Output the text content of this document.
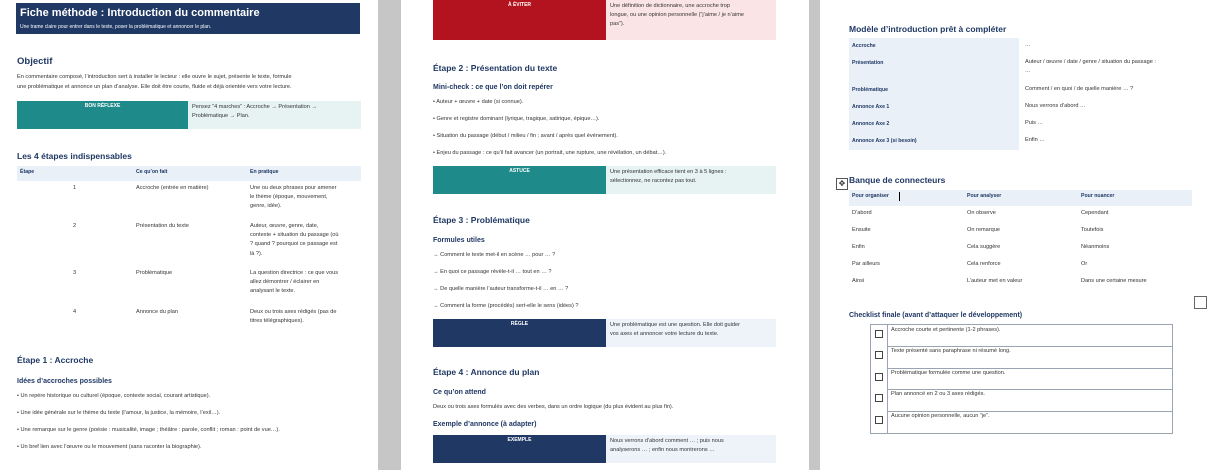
Fiche méthode : Introduction du commentaire
Une trame claire pour entrer dans le texte, poser la problématique et annoncer le plan.
Objectif
En commentaire composé, l’introduction sert à installer le lecteur : elle ouvre le sujet, présente le texte, formule
une problématique et annonce un plan d’analyse. Elle doit être courte, fluide et déjà orientée vers votre lecture.
BON RÉFLEXE	Pensez “4 marches” : Accroche → Présentation →
Problématique → Plan.
Les 4 étapes indispensables
Étape	Ce qu’on fait	En pratique
1	Accroche (entrée en matière)	Une ou deux phrases pour amener
le thème (époque, mouvement,
genre, idée).
2	Présentation du texte	Auteur, œuvre, genre, date,
contexte + situation du passage (où
? quand ? pourquoi ce passage est
là ?).
3	Problématique	La question directrice : ce que vous
allez démontrer / éclairer en
analysant le texte.
4	Annonce du plan	Deux ou trois axes rédigés (pas de
titres télégraphiques).
Étape 1 : Accroche
Idées d’accroches possibles
• Un repère historique ou culturel (époque, contexte social, courant artistique).
• Une idée générale sur le thème du texte (l’amour, la justice, la mémoire, l’exil…).
• Une remarque sur le genre (poésie : musicalité, image ; théâtre : parole, conflit ; roman : point de vue…).
• Un bref lien avec l’œuvre ou le mouvement (sans raconter la biographie).
À ÉVITER	Une définition de dictionnaire, une accroche trop
longue, ou une opinion personnelle (“j’aime / je n’aime
pas”).
Étape 2 : Présentation du texte
Mini-check : ce que l’on doit repérer
• Auteur + œuvre + date (si connue).
• Genre et registre dominant (lyrique, tragique, satirique, épique…).
• Situation du passage (début / milieu / fin ; avant / après quel événement).
• Enjeu du passage : ce qu’il fait avancer (un portrait, une rupture, une révélation, un débat…).
ASTUCE	Une présentation efficace tient en 3 à 5 lignes :
sélectionnez, ne racontez pas tout.
Étape 3 : Problématique
Formules utiles
→ Comment le texte met-il en scène … pour … ?
→ En quoi ce passage révèle-t-il … tout en … ?
→ De quelle manière l’auteur transforme-t-il … en … ?
→ Comment la forme (procédés) sert-elle le sens (idées) ?
RÈGLE	Une problématique est une question. Elle doit guider
vos axes et annoncer votre lecture du texte.
Étape 4 : Annonce du plan
Ce qu’on attend
Deux ou trois axes formulés avec des verbes, dans un ordre logique (du plus évident au plus fin).
Exemple d’annonce (à adapter)
EXEMPLE	Nous verrons d’abord comment … ; puis nous
analyserons … ; enfin nous montrerons …
Modèle d’introduction prêt à compléter
Accroche	…
Présentation	Auteur / œuvre / date / genre / situation du passage :
…
Problématique	Comment / en quoi / de quelle manière … ?
Annonce Axe 1	Nous verrons d’abord …
Annonce Axe 2	Puis …
Annonce Axe 3 (si besoin)	Enfin …
✥ Banque de connecteurs
Pour organiser	Pour analyser	Pour nuancer
D’abord	On observe	Cependant
Ensuite	On remarque	Toutefois
Enfin	Cela suggère	Néanmoins
Par ailleurs	Cela renforce	Or
Ainsi	L’auteur met en valeur	Dans une certaine mesure
Checklist finale (avant d’attaquer le développement)
Accroche courte et pertinente (1-2 phrases).
Texte présenté sans paraphrase ni résumé long.
Problématique formulée comme une question.
Plan annoncé en 2 ou 3 axes rédigés.
Aucune opinion personnelle, aucun “je”.
